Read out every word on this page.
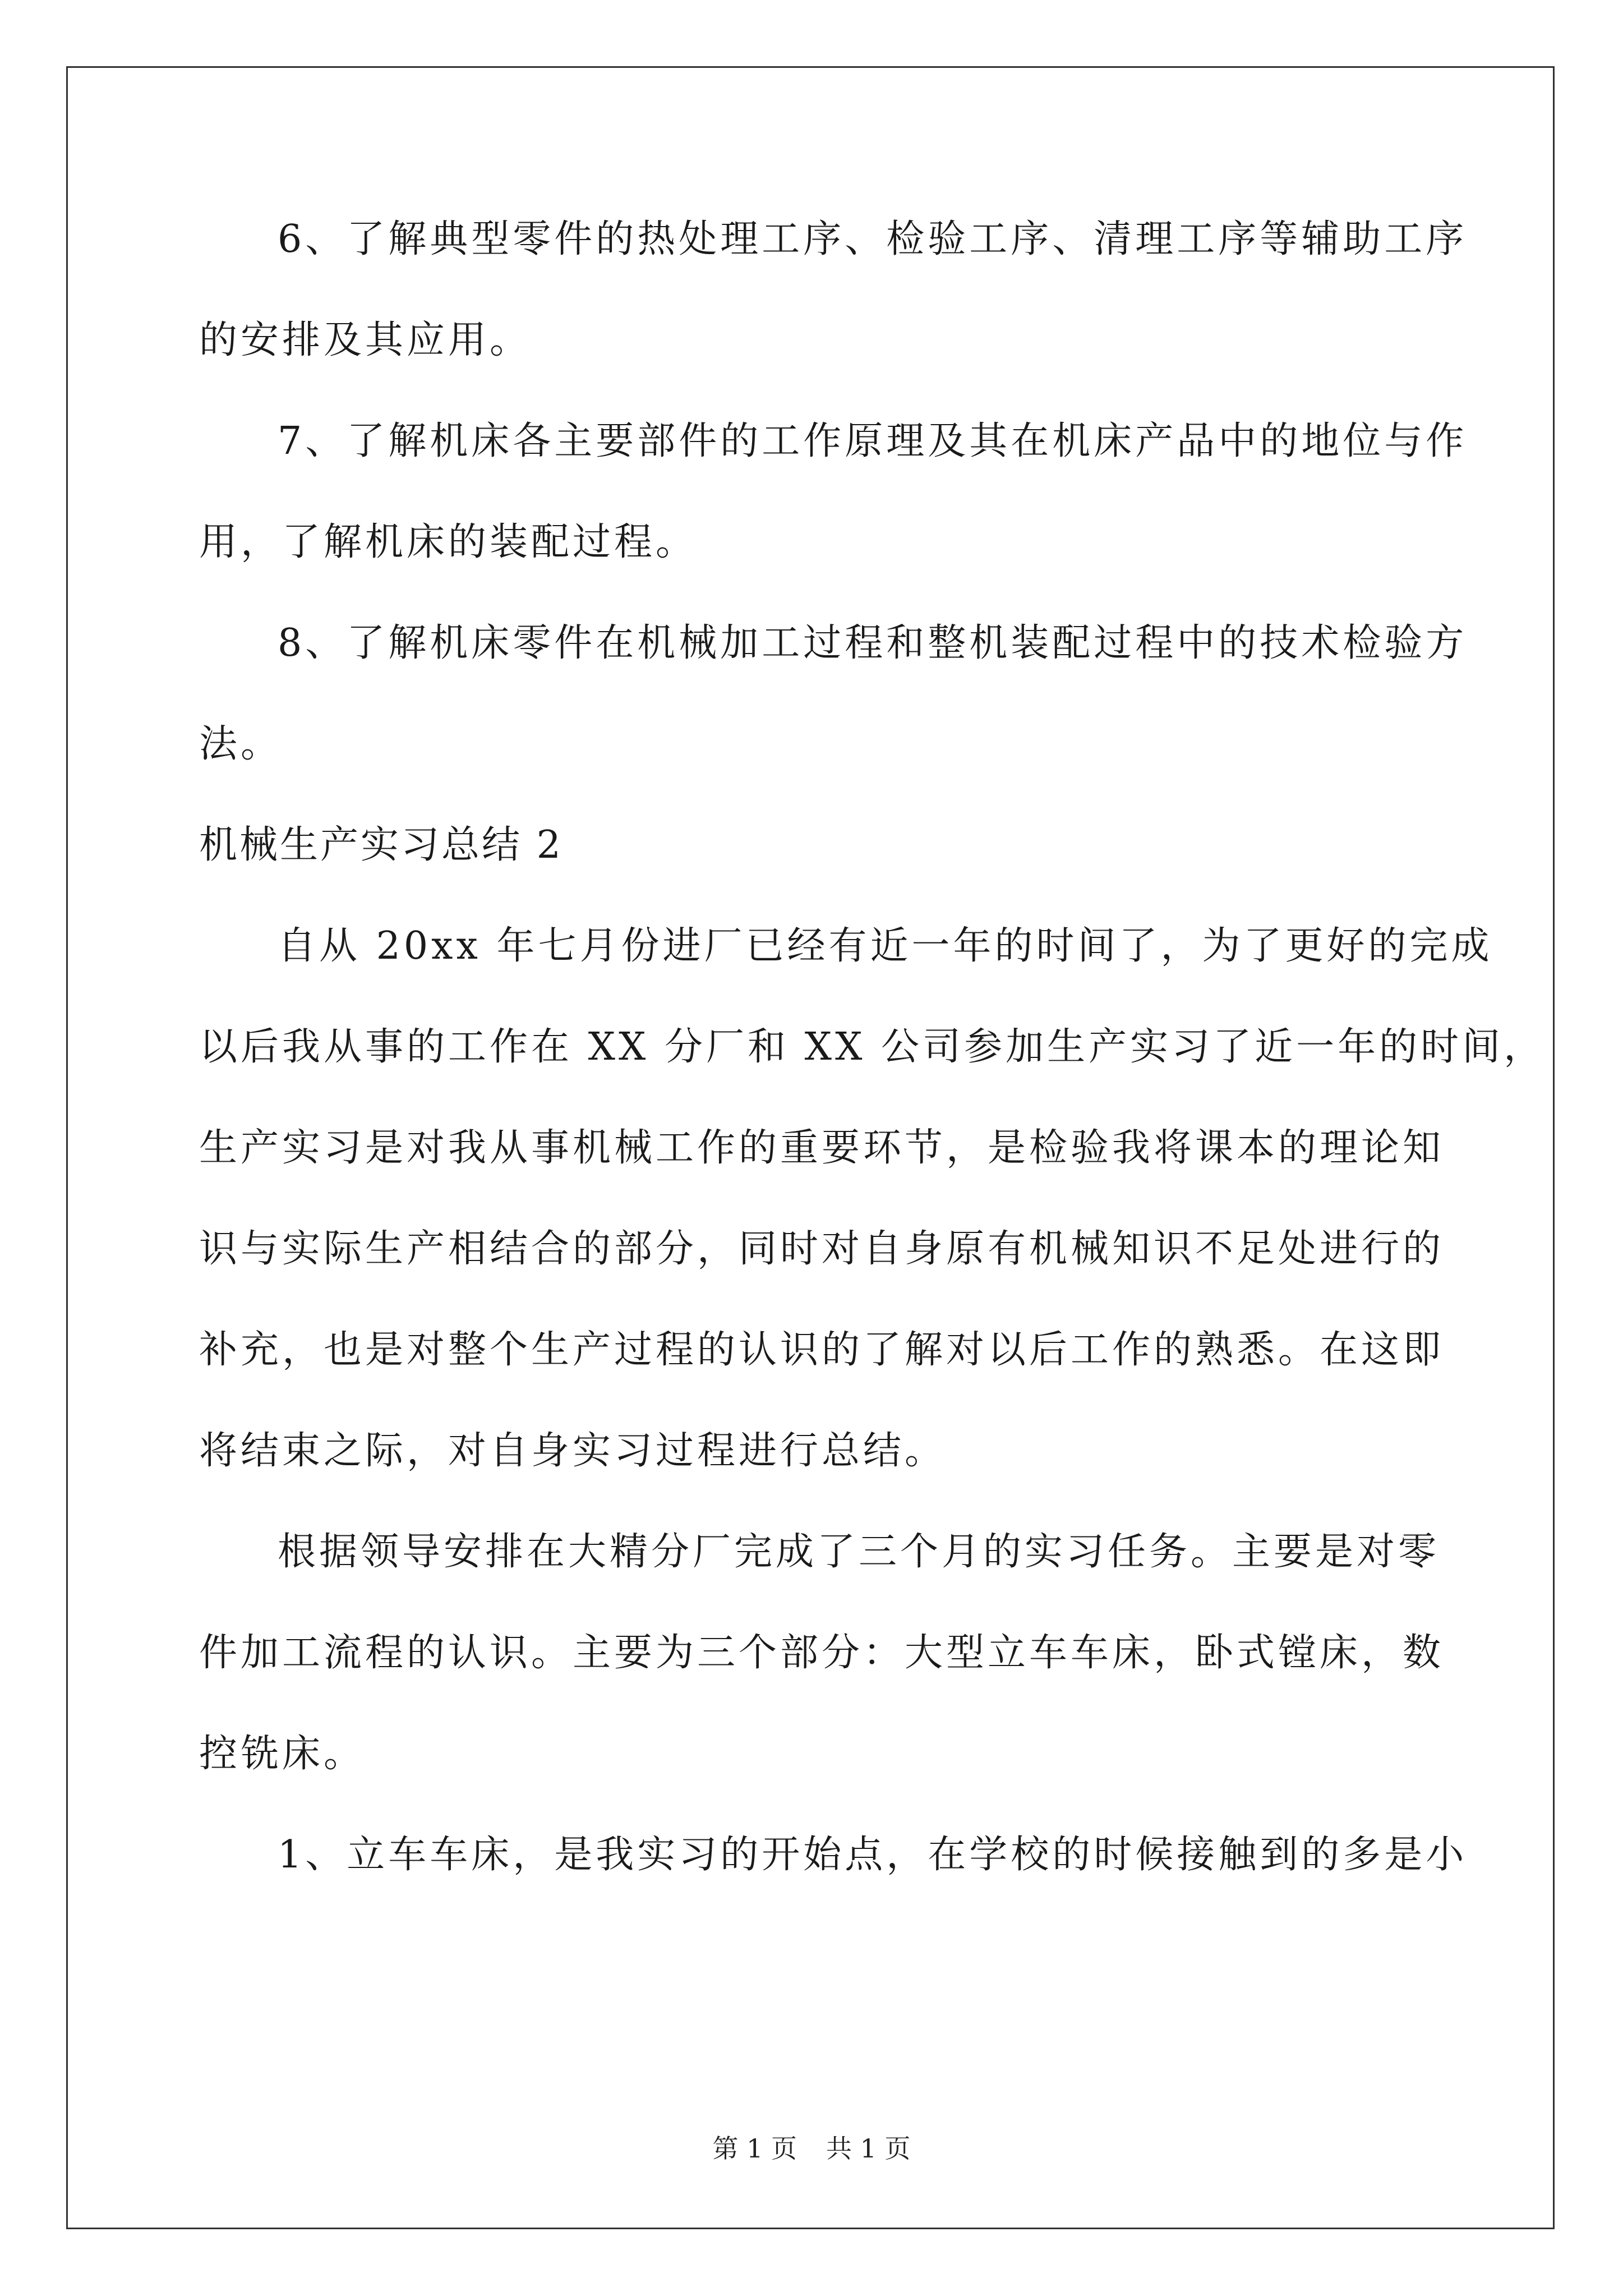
6、了解典型零件的热处理工序、检验工序、清理工序等辅助工序
的安排及其应用。

7、了解机床各主要部件的工作原理及其在机床产品中的地位与作
用，了解机床的装配过程。

8、了解机床零件在机械加工过程和整机装配过程中的技术检验方
法。

机械生产实习总结 2

自从 20xx 年七月份进厂已经有近一年的时间了，为了更好的完成
以后我从事的工作在 XX 分厂和 XX 公司参加生产实习了近一年的时间，
生产实习是对我从事机械工作的重要环节，是检验我将课本的理论知
识与实际生产相结合的部分，同时对自身原有机械知识不足处进行的
补充，也是对整个生产过程的认识的了解对以后工作的熟悉。在这即
将结束之际，对自身实习过程进行总结。

根据领导安排在大精分厂完成了三个月的实习任务。主要是对零
件加工流程的认识。主要为三个部分：大型立车车床，卧式镗床，数
控铣床。

1、立车车床，是我实习的开始点，在学校的时候接触到的多是小

第 1 页 共 1 页
